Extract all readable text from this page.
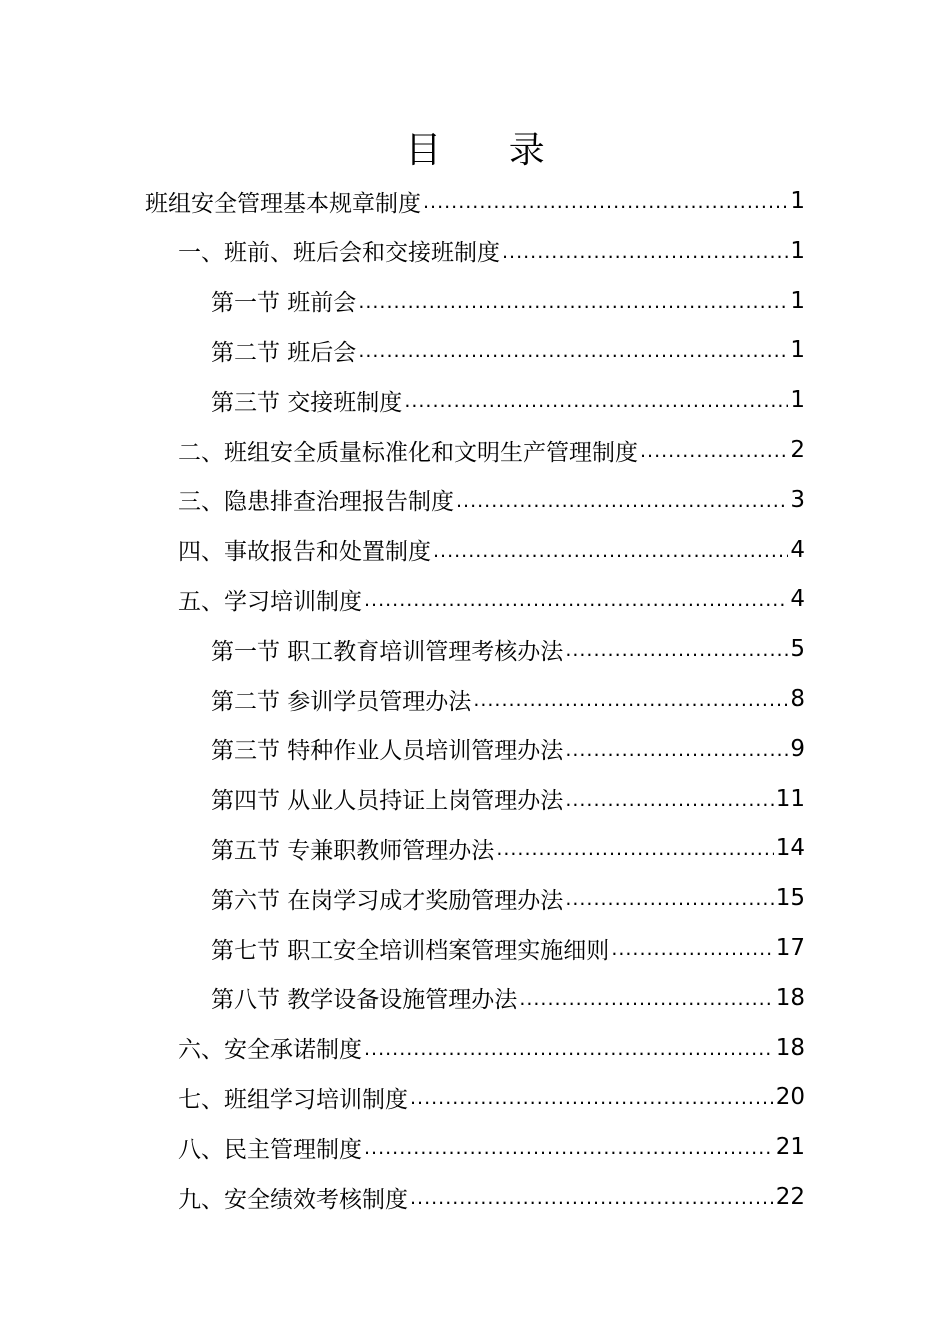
目 录
班组安全管理基本规章制度 .....	1
一、班前、班后会和交接班制度 .....	1
第一节 班前会 .....	1
第二节 班后会 .....	1
第三节 交接班制度 .....	1
二、班组安全质量标准化和文明生产管理制度 .....	2
三、隐患排查治理报告制度 .....	3
四、事故报告和处置制度 .....	4
五、学习培训制度 .....	4
第一节 职工教育培训管理考核办法 .....	5
第二节 参训学员管理办法 .....	8
第三节 特种作业人员培训管理办法 .....	9
第四节 从业人员持证上岗管理办法 .....	11
第五节 专兼职教师管理办法 .....	14
第六节 在岗学习成才奖励管理办法 .....	15
第七节 职工安全培训档案管理实施细则 .....	17
第八节 教学设备设施管理办法 .....	18
六、安全承诺制度 .....	18
七、班组学习培训制度 .....	20
八、民主管理制度 .....	21
九、安全绩效考核制度 .....	22
